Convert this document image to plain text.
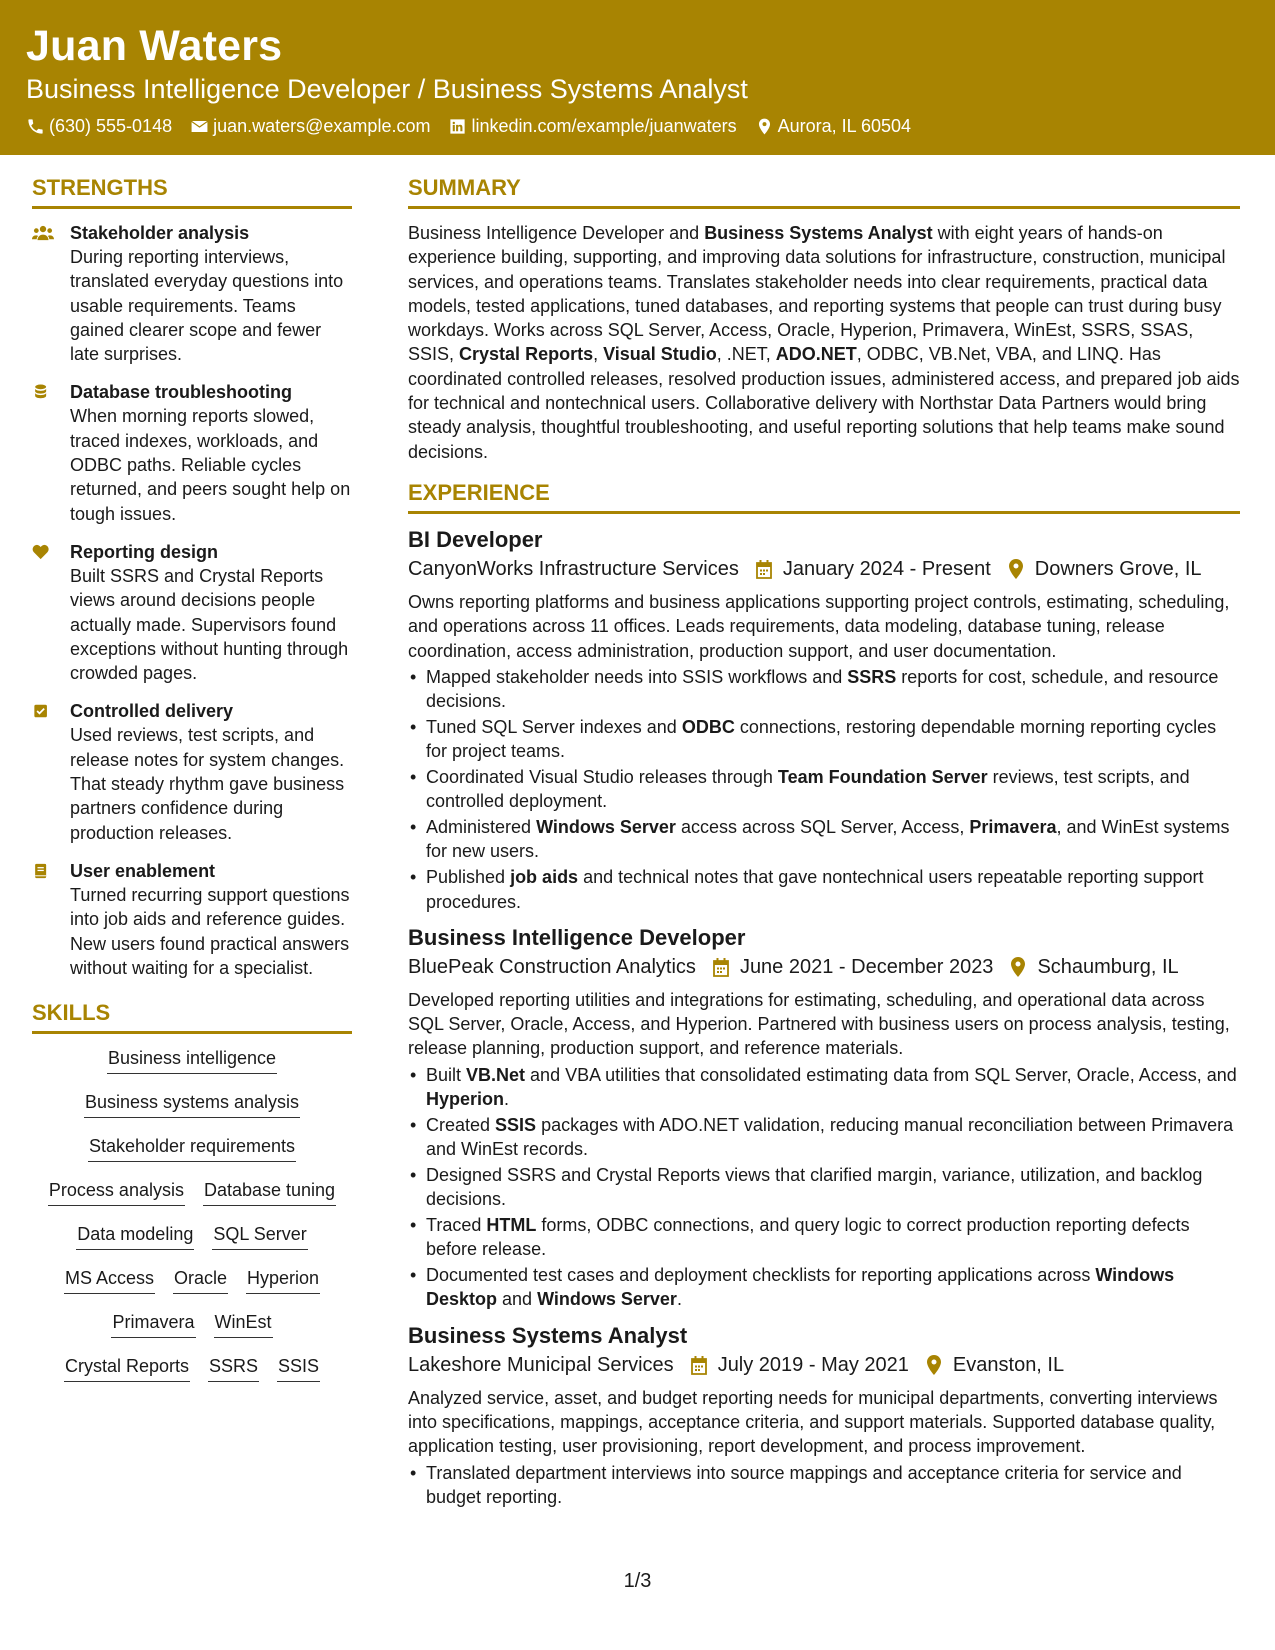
Juan Waters
Business Intelligence Developer / Business Systems Analyst
(630) 555-0148 juan.waters@example.com linkedin.com/example/juanwaters Aurora, IL 60504
STRENGTHS
Stakeholder analysis
During reporting interviews, translated everyday questions into usable requirements. Teams gained clearer scope and fewer late surprises.
Database troubleshooting
When morning reports slowed, traced indexes, workloads, and ODBC paths. Reliable cycles returned, and peers sought help on tough issues.
Reporting design
Built SSRS and Crystal Reports views around decisions people actually made. Supervisors found exceptions without hunting through crowded pages.
Controlled delivery
Used reviews, test scripts, and release notes for system changes. That steady rhythm gave business partners confidence during production releases.
User enablement
Turned recurring support questions into job aids and reference guides. New users found practical answers without waiting for a specialist.
SKILLS
Business intelligence
Business systems analysis
Stakeholder requirements
Process analysis Database tuning
Data modeling SQL Server
MS Access Oracle Hyperion
Primavera WinEst
Crystal Reports SSRS SSIS
SUMMARY

Business Intelligence Developer and Business Systems Analyst with eight years of hands-on experience building, supporting, and improving data solutions for infrastructure, construction, municipal services, and operations teams. Translates stakeholder needs into clear requirements, practical data models, tested applications, tuned databases, and reporting systems that people can trust during busy workdays. Works across SQL Server, Access, Oracle, Hyperion, Primavera, WinEst, SSRS, SSAS, SSIS, Crystal Reports, Visual Studio, .NET, ADO.NET, ODBC, VB.Net, VBA, and LINQ. Has coordinated controlled releases, resolved production issues, administered access, and prepared job aids for technical and nontechnical users. Collaborative delivery with Northstar Data Partners would bring steady analysis, thoughtful troubleshooting, and useful reporting solutions that help teams make sound decisions.

EXPERIENCE
BI Developer
CanyonWorks Infrastructure Services January 2024 - Present Downers Grove, IL
Owns reporting platforms and business applications supporting project controls, estimating, scheduling, and operations across 11 offices. Leads requirements, data modeling, database tuning, release coordination, access administration, production support, and user documentation.
• Mapped stakeholder needs into SSIS workflows and SSRS reports for cost, schedule, and resource decisions.
• Tuned SQL Server indexes and ODBC connections, restoring dependable morning reporting cycles for project teams.
• Coordinated Visual Studio releases through Team Foundation Server reviews, test scripts, and controlled deployment.
• Administered Windows Server access across SQL Server, Access, Primavera, and WinEst systems for new users.
• Published job aids and technical notes that gave nontechnical users repeatable reporting support procedures.
Business Intelligence Developer
BluePeak Construction Analytics June 2021 - December 2023 Schaumburg, IL
Developed reporting utilities and integrations for estimating, scheduling, and operational data across SQL Server, Oracle, Access, and Hyperion. Partnered with business users on process analysis, testing, release planning, production support, and reference materials.
• Built VB.Net and VBA utilities that consolidated estimating data from SQL Server, Oracle, Access, and Hyperion.
• Created SSIS packages with ADO.NET validation, reducing manual reconciliation between Primavera and WinEst records.
• Designed SSRS and Crystal Reports views that clarified margin, variance, utilization, and backlog decisions.
• Traced HTML forms, ODBC connections, and query logic to correct production reporting defects before release.
• Documented test cases and deployment checklists for reporting applications across Windows Desktop and Windows Server.
Business Systems Analyst
Lakeshore Municipal Services July 2019 - May 2021 Evanston, IL
Analyzed service, asset, and budget reporting needs for municipal departments, converting interviews into specifications, mappings, acceptance criteria, and support materials. Supported database quality, application testing, user provisioning, report development, and process improvement.
• Translated department interviews into source mappings and acceptance criteria for service and budget reporting.
1/3
